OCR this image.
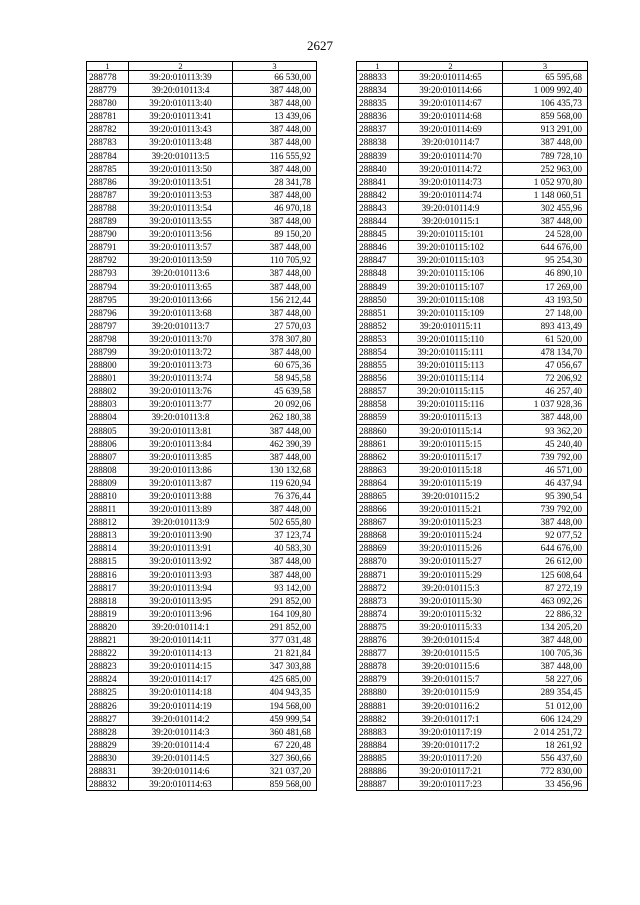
2627
1	2	3
288778	39:20:010113:39	66 530,00
288779	39:20:010113:4	387 448,00
288780	39:20:010113:40	387 448,00
288781	39:20:010113:41	13 439,06
288782	39:20:010113:43	387 448,00
288783	39:20:010113:48	387 448,00
288784	39:20:010113:5	116 555,92
288785	39:20:010113:50	387 448,00
288786	39:20:010113:51	28 341,78
288787	39:20:010113:53	387 448,00
288788	39:20:010113:54	46 970,18
288789	39:20:010113:55	387 448,00
288790	39:20:010113:56	89 150,20
288791	39:20:010113:57	387 448,00
288792	39:20:010113:59	110 705,92
288793	39:20:010113:6	387 448,00
288794	39:20:010113:65	387 448,00
288795	39:20:010113:66	156 212,44
288796	39:20:010113:68	387 448,00
288797	39:20:010113:7	27 570,03
288798	39:20:010113:70	378 307,80
288799	39:20:010113:72	387 448,00
288800	39:20:010113:73	60 675,36
288801	39:20:010113:74	58 945,58
288802	39:20:010113:76	45 639,58
288803	39:20:010113:77	20 092,06
288804	39:20:010113:8	262 180,38
288805	39:20:010113:81	387 448,00
288806	39:20:010113:84	462 390,39
288807	39:20:010113:85	387 448,00
288808	39:20:010113:86	130 132,68
288809	39:20:010113:87	119 620,94
288810	39:20:010113:88	76 376,44
288811	39:20:010113:89	387 448,00
288812	39:20:010113:9	502 655,80
288813	39:20:010113:90	37 123,74
288814	39:20:010113:91	40 583,30
288815	39:20:010113:92	387 448,00
288816	39:20:010113:93	387 448,00
288817	39:20:010113:94	93 142,00
288818	39:20:010113:95	291 852,00
288819	39:20:010113:96	164 109,80
288820	39:20:010114:1	291 852,00
288821	39:20:010114:11	377 031,48
288822	39:20:010114:13	21 821,84
288823	39:20:010114:15	347 303,88
288824	39:20:010114:17	425 685,00
288825	39:20:010114:18	404 943,35
288826	39:20:010114:19	194 568,00
288827	39:20:010114:2	459 999,54
288828	39:20:010114:3	360 481,68
288829	39:20:010114:4	67 220,48
288830	39:20:010114:5	327 360,66
288831	39:20:010114:6	321 037,20
288832	39:20:010114:63	859 568,00
1	2	3
288833	39:20:010114:65	65 595,68
288834	39:20:010114:66	1 009 992,40
288835	39:20:010114:67	106 435,73
288836	39:20:010114:68	859 568,00
288837	39:20:010114:69	913 291,00
288838	39:20:010114:7	387 448,00
288839	39:20:010114:70	789 728,10
288840	39:20:010114:72	252 963,00
288841	39:20:010114:73	1 052 970,80
288842	39:20:010114:74	1 148 060,51
288843	39:20:010114:9	302 455,96
288844	39:20:010115:1	387 448,00
288845	39:20:010115:101	24 528,00
288846	39:20:010115:102	644 676,00
288847	39:20:010115:103	95 254,30
288848	39:20:010115:106	46 890,10
288849	39:20:010115:107	17 269,00
288850	39:20:010115:108	43 193,50
288851	39:20:010115:109	27 148,00
288852	39:20:010115:11	893 413,49
288853	39:20:010115:110	61 520,00
288854	39:20:010115:111	478 134,70
288855	39:20:010115:113	47 056,67
288856	39:20:010115:114	72 206,92
288857	39:20:010115:115	46 257,40
288858	39:20:010115:116	1 037 928,36
288859	39:20:010115:13	387 448,00
288860	39:20:010115:14	93 362,20
288861	39:20:010115:15	45 240,40
288862	39:20:010115:17	739 792,00
288863	39:20:010115:18	46 571,00
288864	39:20:010115:19	46 437,94
288865	39:20:010115:2	95 390,54
288866	39:20:010115:21	739 792,00
288867	39:20:010115:23	387 448,00
288868	39:20:010115:24	92 077,52
288869	39:20:010115:26	644 676,00
288870	39:20:010115:27	26 612,00
288871	39:20:010115:29	125 608,64
288872	39:20:010115:3	87 272,19
288873	39:20:010115:30	463 092,26
288874	39:20:010115:32	22 886,32
288875	39:20:010115:33	134 205,20
288876	39:20:010115:4	387 448,00
288877	39:20:010115:5	100 705,36
288878	39:20:010115:6	387 448,00
288879	39:20:010115:7	58 227,06
288880	39:20:010115:9	289 354,45
288881	39:20:010116:2	51 012,00
288882	39:20:010117:1	606 124,29
288883	39:20:010117:19	2 014 251,72
288884	39:20:010117:2	18 261,92
288885	39:20:010117:20	556 437,60
288886	39:20:010117:21	772 830,00
288887	39:20:010117:23	33 456,96
